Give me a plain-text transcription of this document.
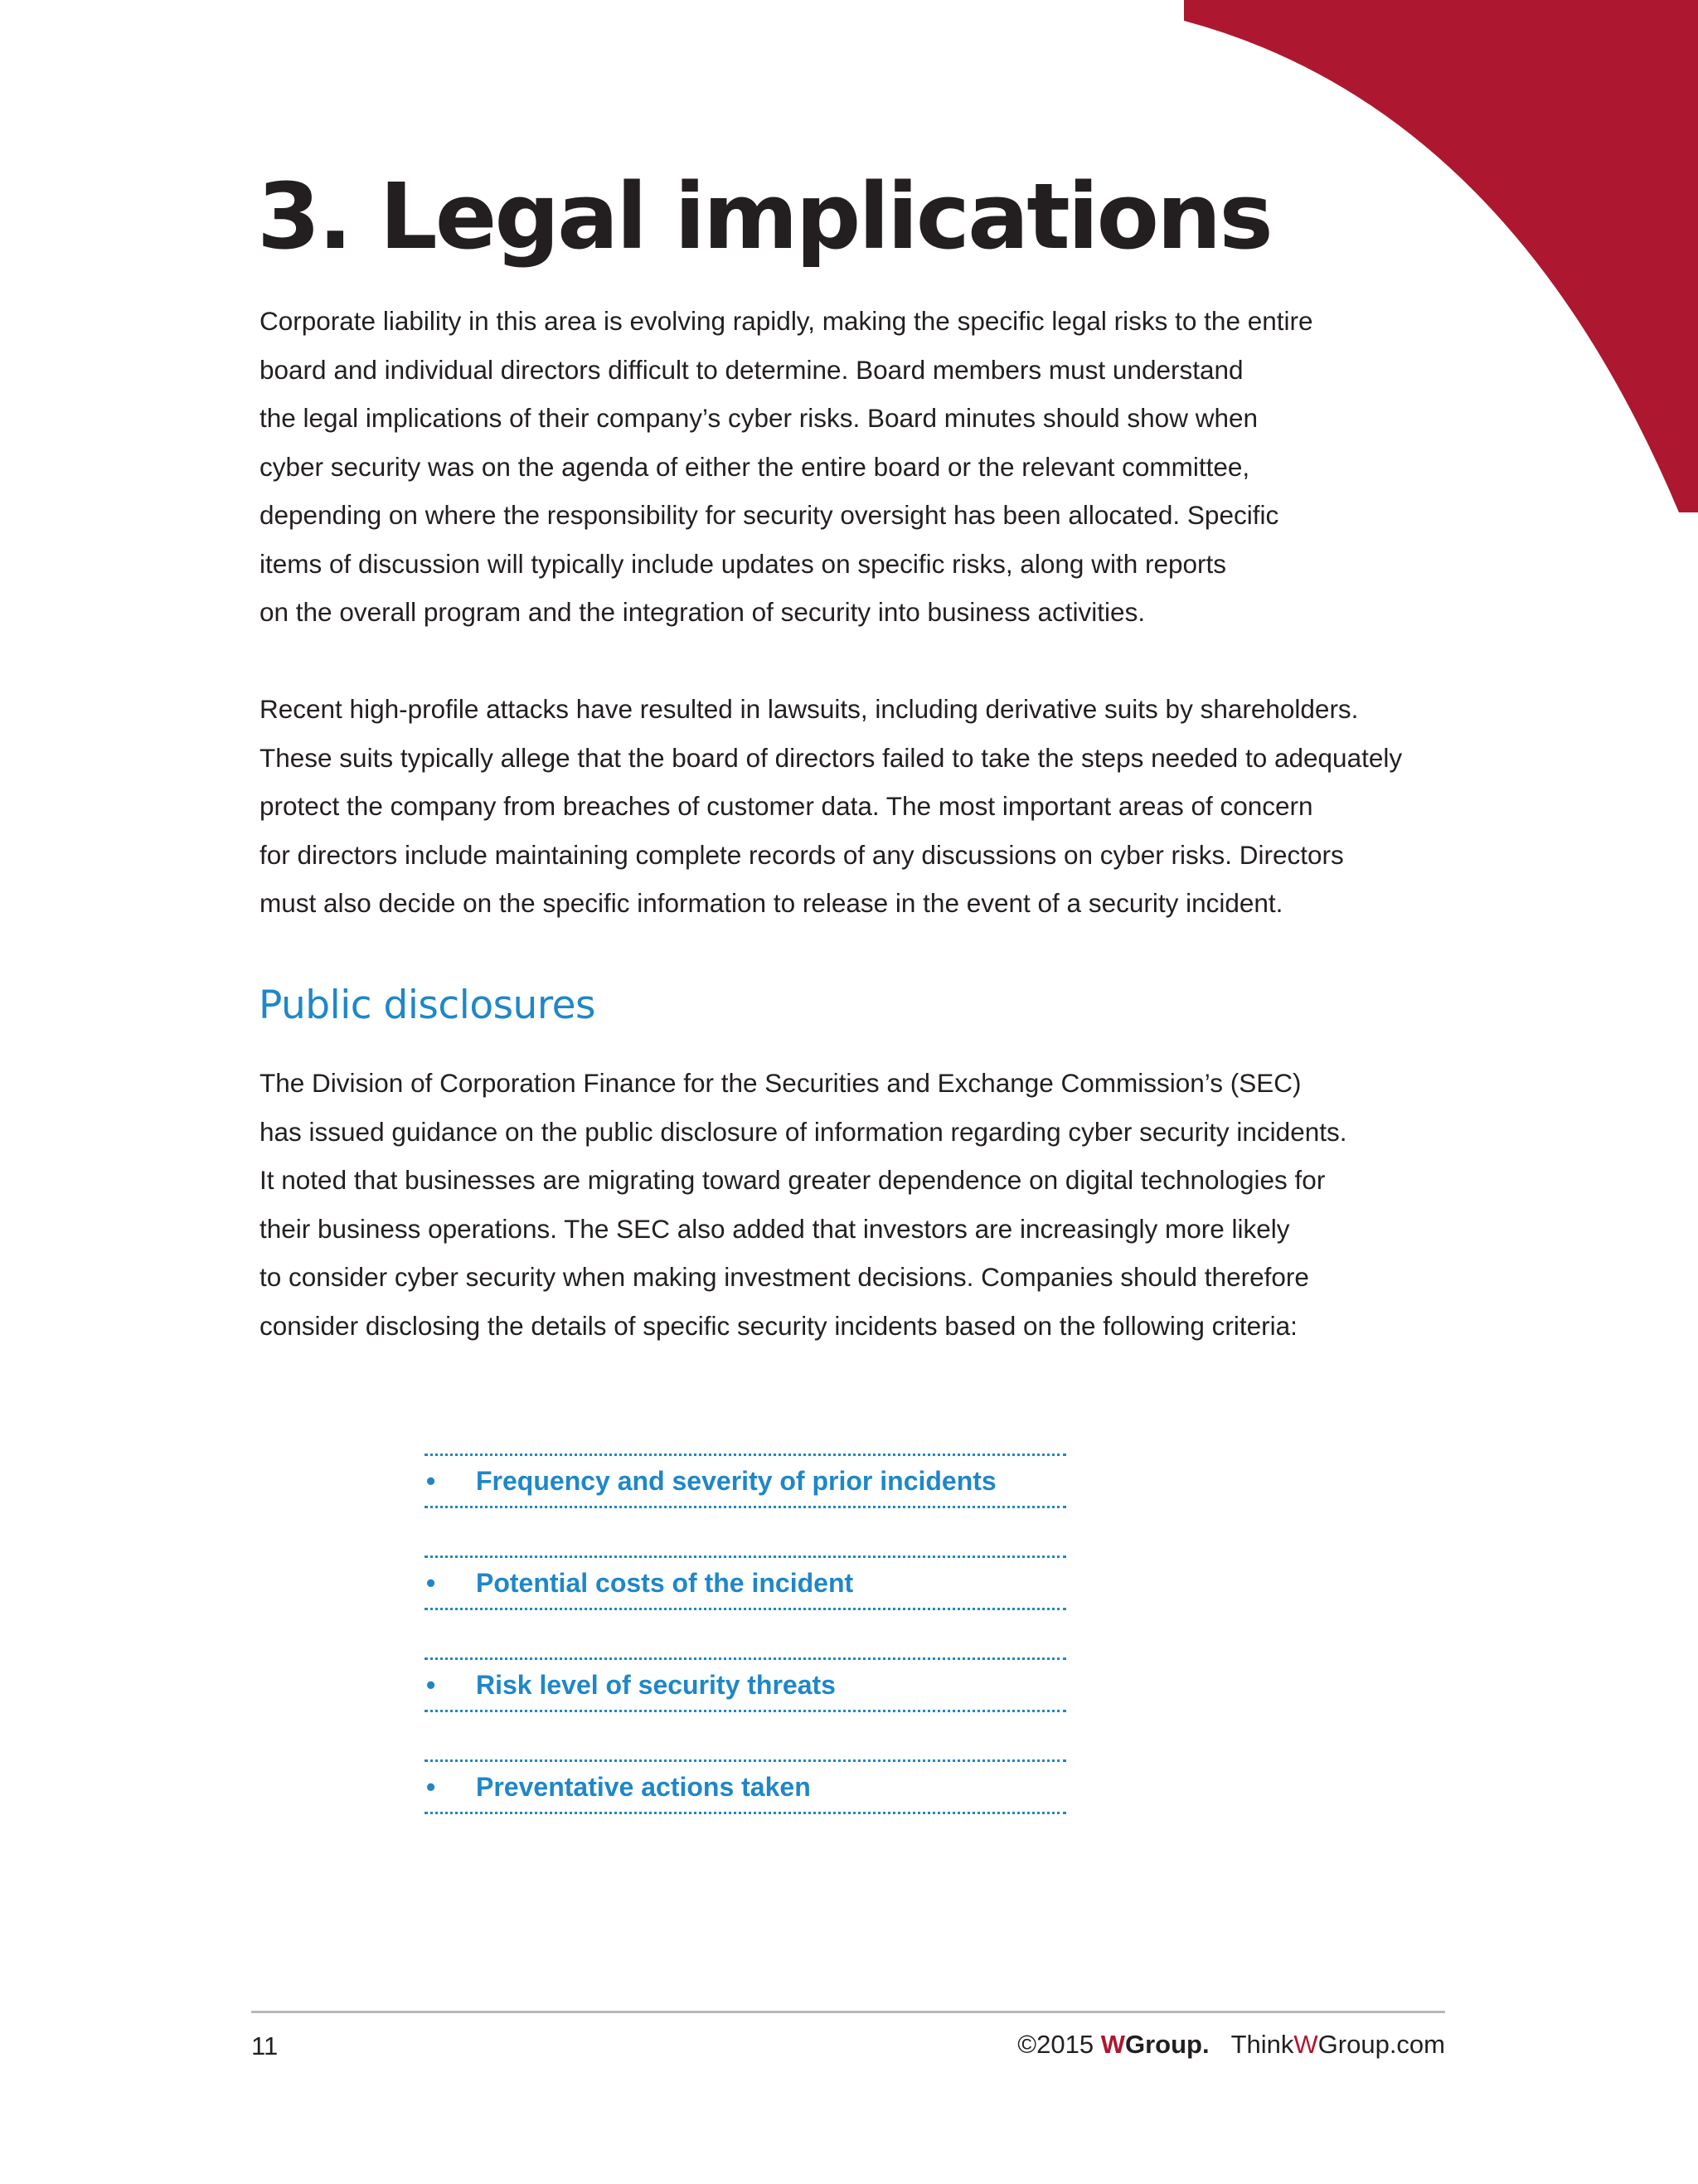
3. Legal implications

Corporate liability in this area is evolving rapidly, making the specific legal risks to the entire
board and individual directors difficult to determine. Board members must understand
the legal implications of their company’s cyber risks. Board minutes should show when
cyber security was on the agenda of either the entire board or the relevant committee,
depending on where the responsibility for security oversight has been allocated. Specific
items of discussion will typically include updates on specific risks, along with reports
on the overall program and the integration of security into business activities.

Recent high-profile attacks have resulted in lawsuits, including derivative suits by shareholders.
These suits typically allege that the board of directors failed to take the steps needed to adequately
protect the company from breaches of customer data. The most important areas of concern
for directors include maintaining complete records of any discussions on cyber risks. Directors
must also decide on the specific information to release in the event of a security incident.

Public disclosures

The Division of Corporation Finance for the Securities and Exchange Commission’s (SEC)
has issued guidance on the public disclosure of information regarding cyber security incidents.
It noted that businesses are migrating toward greater dependence on digital technologies for
their business operations. The SEC also added that investors are increasingly more likely
to consider cyber security when making investment decisions. Companies should therefore
consider disclosing the details of specific security incidents based on the following criteria:

•	Frequency and severity of prior incidents
•	Potential costs of the incident
•	Risk level of security threats
•	Preventative actions taken
11	©2015 WGroup. ThinkWGroup.com
